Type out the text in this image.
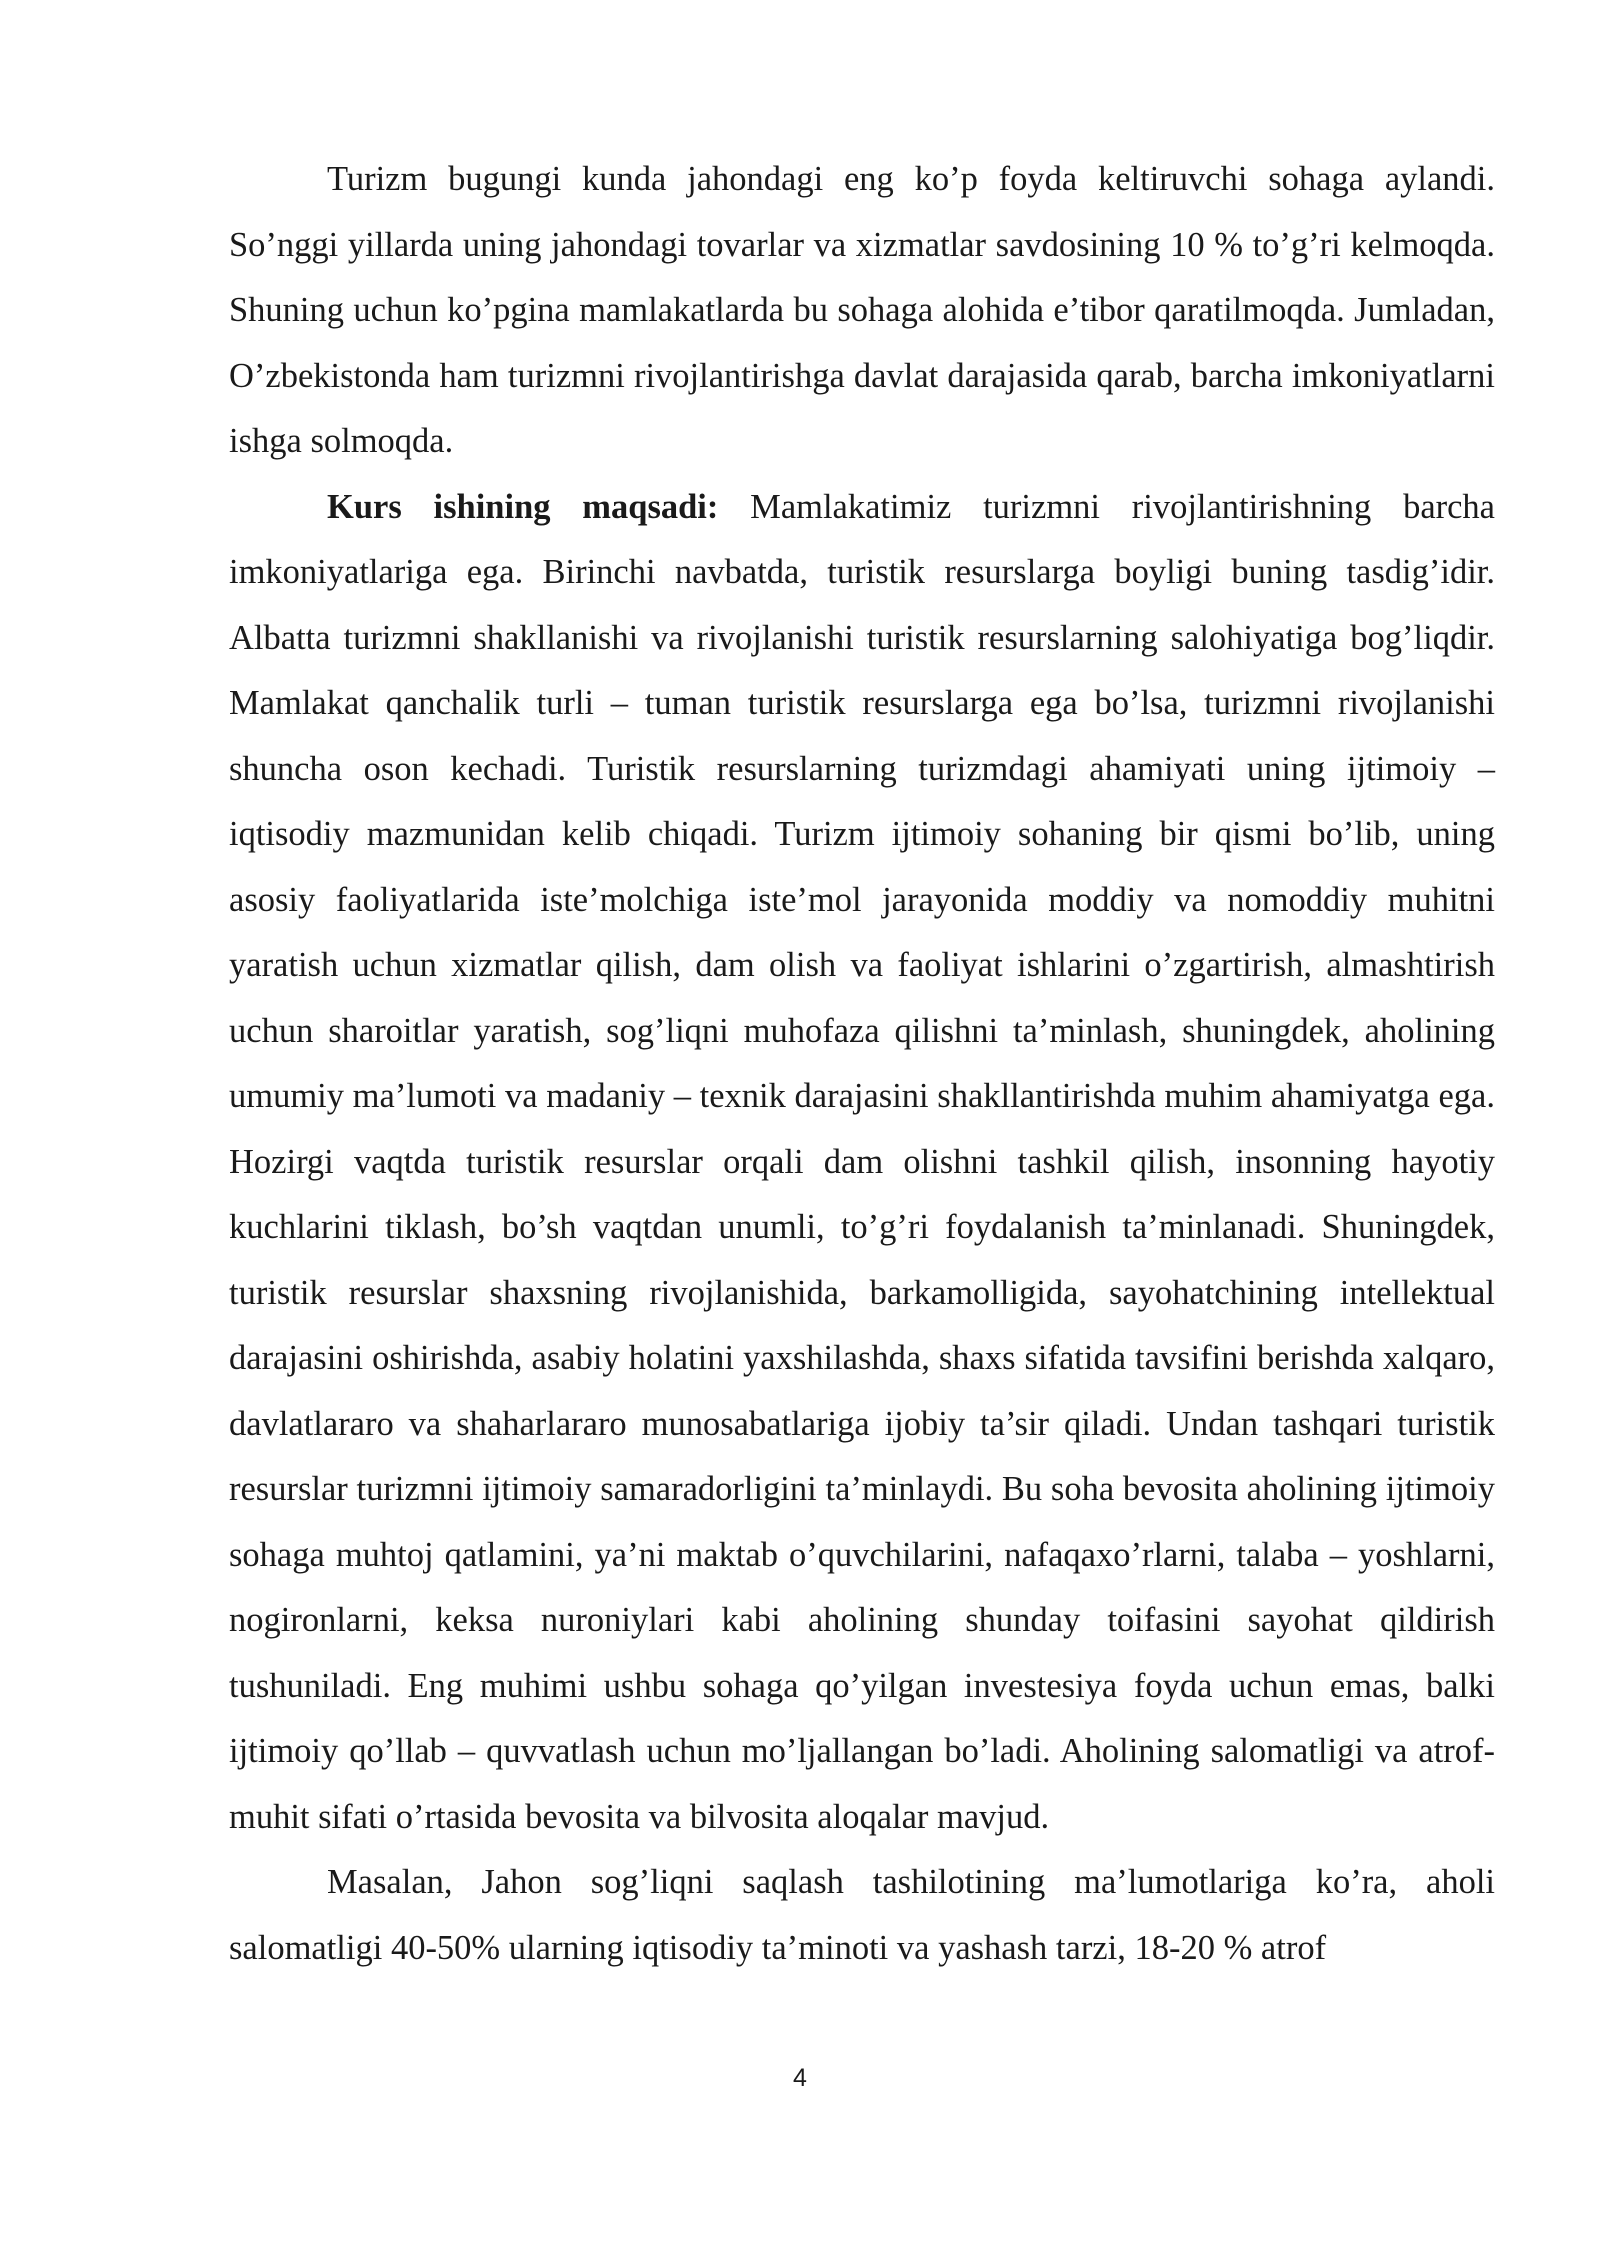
Turizm bugungi kunda jahondagi eng ko’p foyda keltiruvchi sohaga aylandi. So’nggi yillarda uning jahondagi tovarlar va xizmatlar savdosining 10 % to’g’ri kelmoqda. Shuning uchun ko’pgina mamlakatlarda bu sohaga alohida e’tibor qaratilmoqda. Jumladan, O’zbekistonda ham turizmni rivojlantirishga davlat darajasida qarab, barcha imkoniyatlarni ishga solmoqda.

Kurs ishining maqsadi: Mamlakatimiz turizmni rivojlantirishning barcha imkoniyatlariga ega. Birinchi navbatda, turistik resurslarga boyligi buning tasdig’idir. Albatta turizmni shakllanishi va rivojlanishi turistik resurslarning salohiyatiga bog’liqdir. Mamlakat qanchalik turli – tuman turistik resurslarga ega bo’lsa, turizmni rivojlanishi shuncha oson kechadi. Turistik resurslarning turizmdagi ahamiyati uning ijtimoiy – iqtisodiy mazmunidan kelib chiqadi. Turizm ijtimoiy sohaning bir qismi bo’lib, uning asosiy faoliyatlarida iste’molchiga iste’mol jarayonida moddiy va nomoddiy muhitni yaratish uchun xizmatlar qilish, dam olish va faoliyat ishlarini o’zgartirish, almashtirish uchun sharoitlar yaratish, sog’liqni muhofaza qilishni ta’minlash, shuningdek, aholining umumiy ma’lumoti va madaniy – texnik darajasini shakllantirishda muhim ahamiyatga ega. Hozirgi vaqtda turistik resurslar orqali dam olishni tashkil qilish, insonning hayotiy kuchlarini tiklash, bo’sh vaqtdan unumli, to’g’ri foydalanish ta’minlanadi. Shuningdek, turistik resurslar shaxsning rivojlanishida, barkamolligida, sayohatchining intellektual darajasini oshirishda, asabiy holatini yaxshilashda, shaxs sifatida tavsifini berishda xalqaro, davlatlararo va shaharlararo munosabatlariga ijobiy ta’sir qiladi. Undan tashqari turistik resurslar turizmni ijtimoiy samaradorligini ta’minlaydi. Bu soha bevosita aholining ijtimoiy sohaga muhtoj qatlamini, ya’ni maktab o’quvchilarini, nafaqaxo’rlarni, talaba – yoshlarni, nogironlarni, keksa nuroniylari kabi aholining shunday toifasini sayohat qildirish tushuniladi. Eng muhimi ushbu sohaga qo’yilgan investesiya foyda uchun emas, balki ijtimoiy qo’llab – quvvatlash uchun mo’ljallangan bo’ladi. Aholining salomatligi va atrof-muhit sifati o’rtasida bevosita va bilvosita aloqalar mavjud.

Masalan, Jahon sog’liqni saqlash tashilotining ma’lumotlariga ko’ra, aholi salomatligi 40-50% ularning iqtisodiy ta’minoti va yashash tarzi, 18-20 % atrof

4
